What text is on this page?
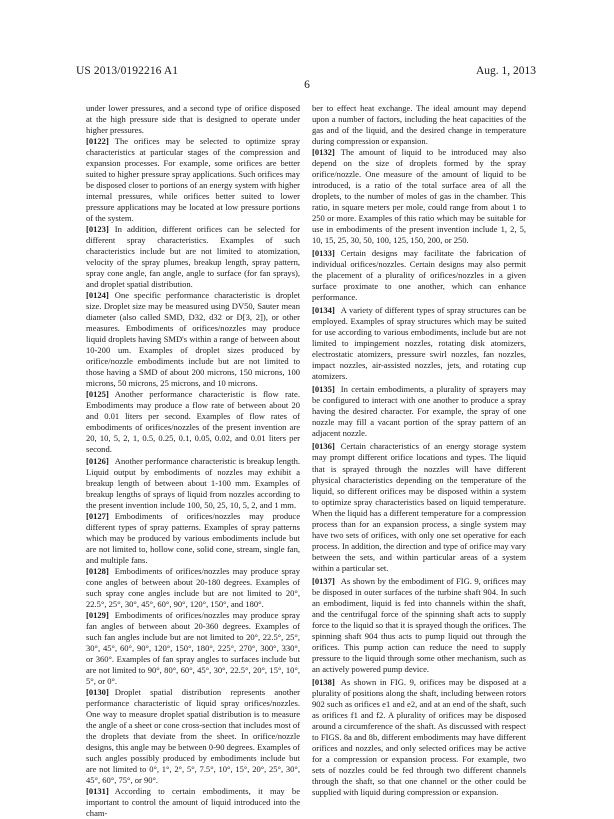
US 2013/0192216 A1	Aug. 1, 2013
6

under lower pressures, and a second type of orifice disposed at the high pressure side that is designed to operate under higher pressures.

[0122] The orifices may be selected to optimize spray characteristics at particular stages of the compression and expansion processes. For example, some orifices are better suited to higher pressure spray applications. Such orifices may be disposed closer to portions of an energy system with higher internal pressures, while orifices better suited to lower pressure applications may be located at low pressure portions of the system.

[0123] In addition, different orifices can be selected for different spray characteristics. Examples of such characteristics include but are not limited to atomization, velocity of the spray plumes, breakup length, spray pattern, spray cone angle, fan angle, angle to surface (for fan sprays), and droplet spatial distribution.

[0124] One specific performance characteristic is droplet size. Droplet size may be measured using DV50, Sauter mean diameter (also called SMD, D32, d32 or D[3, 2]), or other measures. Embodiments of orifices/nozzles may produce liquid droplets having SMD's within a range of between about 10-200 um. Examples of droplet sizes produced by orifice/nozzle embodiments include but are not limited to those having a SMD of about 200 microns, 150 microns, 100 microns, 50 microns, 25 microns, and 10 microns.

[0125] Another performance characteristic is flow rate. Embodiments may produce a flow rate of between about 20 and 0.01 liters per second. Examples of flow rates of embodiments of orifices/nozzles of the present invention are 20, 10, 5, 2, 1, 0.5, 0.25, 0.1, 0.05, 0.02, and 0.01 liters per second.

[0126] Another performance characteristic is breakup length. Liquid output by embodiments of nozzles may exhibit a breakup length of between about 1-100 mm. Examples of breakup lengths of sprays of liquid from nozzles according to the present invention include 100, 50, 25, 10, 5, 2, and 1 mm.

[0127] Embodiments of orifices/nozzles may produce different types of spray patterns. Examples of spray patterns which may be produced by various embodiments include but are not limited to, hollow cone, solid cone, stream, single fan, and multiple fans.

[0128] Embodiments of orifices/nozzles may produce spray cone angles of between about 20-180 degrees. Examples of such spray cone angles include but are not limited to 20°, 22.5°, 25°, 30°, 45°, 60°, 90°, 120°, 150°, and 180°.

[0129] Embodiments of orifices/nozzles may produce spray fan angles of between about 20-360 degrees. Examples of such fan angles include but are not limited to 20°, 22.5°, 25°, 30°, 45°, 60°, 90°, 120°, 150°, 180°, 225°, 270°, 300°, 330°, or 360°. Examples of fan spray angles to surfaces include but are not limited to 90°, 80°, 60°, 45°, 30°, 22.5°, 20°, 15°, 10°, 5°, or 0°.

[0130] Droplet spatial distribution represents another performance characteristic of liquid spray orifices/nozzles. One way to measure droplet spatial distribution is to measure the angle of a sheet or cone cross-section that includes most of the droplets that deviate from the sheet. In orifice/nozzle designs, this angle may be between 0-90 degrees. Examples of such angles possibly produced by embodiments include but are not limited to 0°, 1°, 2°, 5°, 7.5°, 10°, 15°, 20°, 25°, 30°, 45°, 60°, 75°, or 90°.

[0131] According to certain embodiments, it may be important to control the amount of liquid introduced into the cham-

ber to effect heat exchange. The ideal amount may depend upon a number of factors, including the heat capacities of the gas and of the liquid, and the desired change in temperature during compression or expansion.

[0132] The amount of liquid to be introduced may also depend on the size of droplets formed by the spray orifice/nozzle. One measure of the amount of liquid to be introduced, is a ratio of the total surface area of all the droplets, to the number of moles of gas in the chamber. This ratio, in square meters per mole, could range from about 1 to 250 or more. Examples of this ratio which may be suitable for use in embodiments of the present invention include 1, 2, 5, 10, 15, 25, 30, 50, 100, 125, 150, 200, or 250.

[0133] Certain designs may facilitate the fabrication of individual orifices/nozzles. Certain designs may also permit the placement of a plurality of orifices/nozzles in a given surface proximate to one another, which can enhance performance.

[0134] A variety of different types of spray structures can be employed. Examples of spray structures which may be suited for use according to various embodiments, include but are not limited to impingement nozzles, rotating disk atomizers, electrostatic atomizers, pressure swirl nozzles, fan nozzles, impact nozzles, air-assisted nozzles, jets, and rotating cup atomizers.

[0135] In certain embodiments, a plurality of sprayers may be configured to interact with one another to produce a spray having the desired character. For example, the spray of one nozzle may fill a vacant portion of the spray pattern of an adjacent nozzle.

[0136] Certain characteristics of an energy storage system may prompt different orifice locations and types. The liquid that is sprayed through the nozzles will have different physical characteristics depending on the temperature of the liquid, so different orifices may be disposed within a system to optimize spray characteristics based on liquid temperature. When the liquid has a different temperature for a compression process than for an expansion process, a single system may have two sets of orifices, with only one set operative for each process. In addition, the direction and type of orifice may vary between the sets, and within particular areas of a system within a particular set.

[0137] As shown by the embodiment of FIG. 9, orifices may be disposed in outer surfaces of the turbine shaft 904. In such an embodiment, liquid is fed into channels within the shaft, and the centrifugal force of the spinning shaft acts to supply force to the liquid so that it is sprayed though the orifices. The spinning shaft 904 thus acts to pump liquid out through the orifices. This pump action can reduce the need to supply pressure to the liquid through some other mechanism, such as an actively powered pump device.

[0138] As shown in FIG. 9, orifices may be disposed at a plurality of positions along the shaft, including between rotors 902 such as orifices e1 and e2, and at an end of the shaft, such as orifices f1 and f2. A plurality of orifices may be disposed around a circumference of the shaft. As discussed with respect to FIGS. 8a and 8b, different embodiments may have different orifices and nozzles, and only selected orifices may be active for a compression or expansion process. For example, two sets of nozzles could be fed through two different channels through the shaft, so that one channel or the other could be supplied with liquid during compression or expansion.
